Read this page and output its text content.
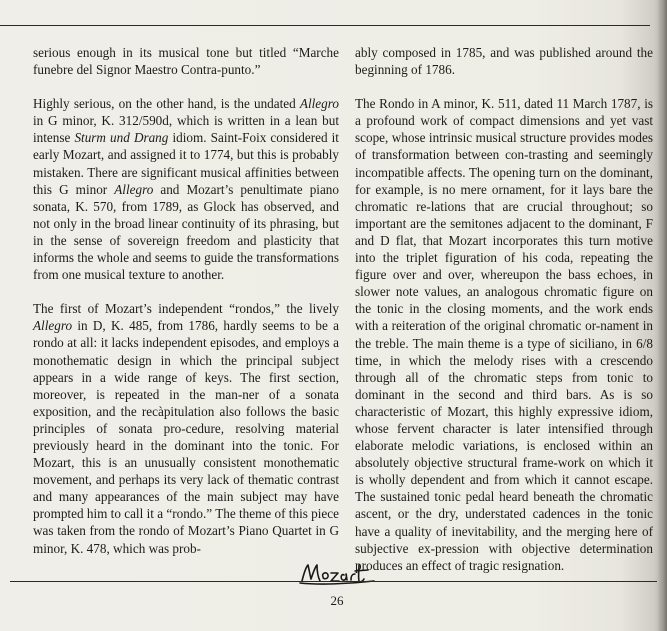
serious enough in its musical tone but titled “Marche funebre del Signor Maestro Contra-punto.”

Highly serious, on the other hand, is the undated Allegro in G minor, K. 312/590d, which is written in a lean but intense Sturm und Drang idiom. Saint-Foix considered it early Mozart, and assigned it to 1774, but this is probably mistaken. There are significant musical affinities between this G minor Allegro and Mozart’s penultimate piano sonata, K. 570, from 1789, as Glock has observed, and not only in the broad linear continuity of its phrasing, but in the sense of sovereign freedom and plasticity that informs the whole and seems to guide the transformations from one musical texture to another.

The first of Mozart’s independent “rondos,” the lively Allegro in D, K. 485, from 1786, hardly seems to be a rondo at all: it lacks independent episodes, and employs a monothematic design in which the principal subject appears in a wide range of keys. The first section, moreover, is repeated in the man-ner of a sonata exposition, and the recàpitulation also follows the basic principles of sonata pro-cedure, resolving material previously heard in the dominant into the tonic. For Mozart, this is an unusually consistent monothematic movement, and perhaps its very lack of thematic contrast and many appearances of the main subject may have prompted him to call it a “rondo.” The theme of this piece was taken from the rondo of Mozart’s Piano Quartet in G minor, K. 478, which was prob-

ably composed in 1785, and was published around the beginning of 1786.

The Rondo in A minor, K. 511, dated 11 March 1787, is a profound work of compact dimensions and yet vast scope, whose intrinsic musical structure provides modes of transformation between con-trasting and seemingly incompatible affects. The opening turn on the dominant, for example, is no mere ornament, for it lays bare the chromatic re-lations that are crucial throughout; so important are the semitones adjacent to the dominant, F and D flat, that Mozart incorporates this turn motive into the triplet figuration of his coda, repeating the figure over and over, whereupon the bass echoes, in slower note values, an analogous chromatic figure on the tonic in the closing moments, and the work ends with a reiteration of the original chromatic or-nament in the treble. The main theme is a type of siciliano, in 6/8 time, in which the melody rises with a crescendo through all of the chromatic steps from tonic to dominant in the second and third bars. As is so characteristic of Mozart, this highly expressive idiom, whose fervent character is later intensified through elaborate melodic variations, is enclosed within an absolutely objective structural frame-work on which it is wholly dependent and from which it cannot escape. The sustained tonic pedal heard beneath the chromatic ascent, or the dry, understated cadences in the tonic have a quality of inevitability, and the merging here of subjective ex-pression with objective determination produces an effect of tragic resignation.

26
